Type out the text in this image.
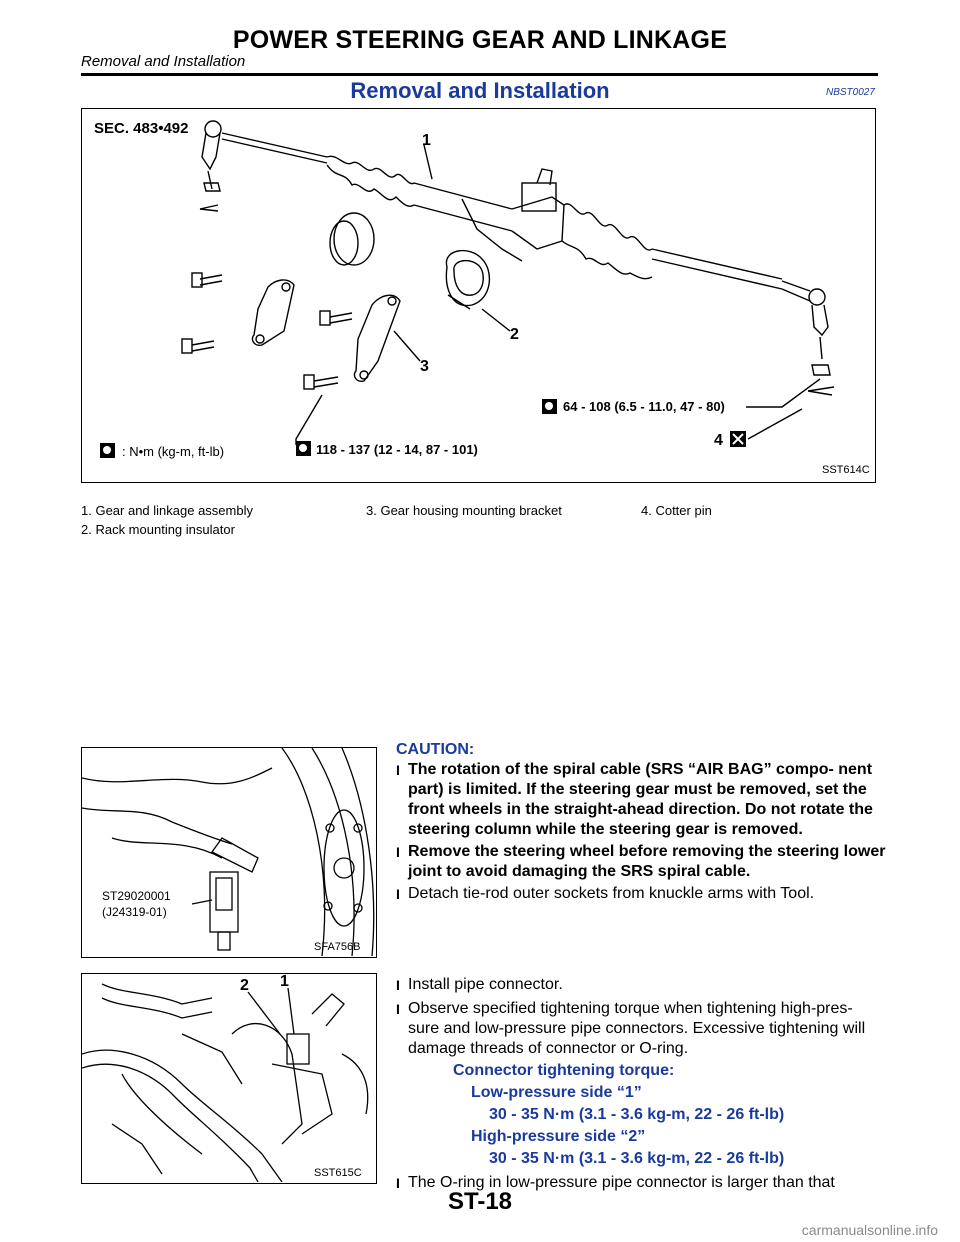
POWER STEERING GEAR AND LINKAGE
Removal and Installation
Removal and Installation	NBST0027
SEC. 483•492
1
2
3
4
: N•m (kg-m, ft-lb)	118 - 137 (12 - 14, 87 - 101)
64 - 108 (6.5 - 11.0, 47 - 80)
SST614C
1. Gear and linkage assembly
2. Rack mounting insulator
3. Gear housing mounting bracket	4. Cotter pin
ST29020001
(J24319-01)
SFA756B
2 1
SST615C
CAUTION:
I The rotation of the spiral cable (SRS “AIR BAG” compo- nent part) is limited. If the steering gear must be removed, set the front wheels in the straight-ahead direction. Do not rotate the steering column while the steering gear is removed.
I Remove the steering wheel before removing the steering lower joint to avoid damaging the SRS spiral cable.
I Detach tie-rod outer sockets from knuckle arms with Tool.
I Install pipe connector.
I Observe specified tightening torque when tightening high-pres- sure and low-pressure pipe connectors. Excessive tightening will damage threads of connector or O-ring.
Connector tightening torque:
Low-pressure side “1”
30 - 35 N·m (3.1 - 3.6 kg-m, 22 - 26 ft-lb)
High-pressure side “2”
30 - 35 N·m (3.1 - 3.6 kg-m, 22 - 26 ft-lb)
I The O-ring in low-pressure pipe connector is larger than that
ST-18
carmanualsonline.info
